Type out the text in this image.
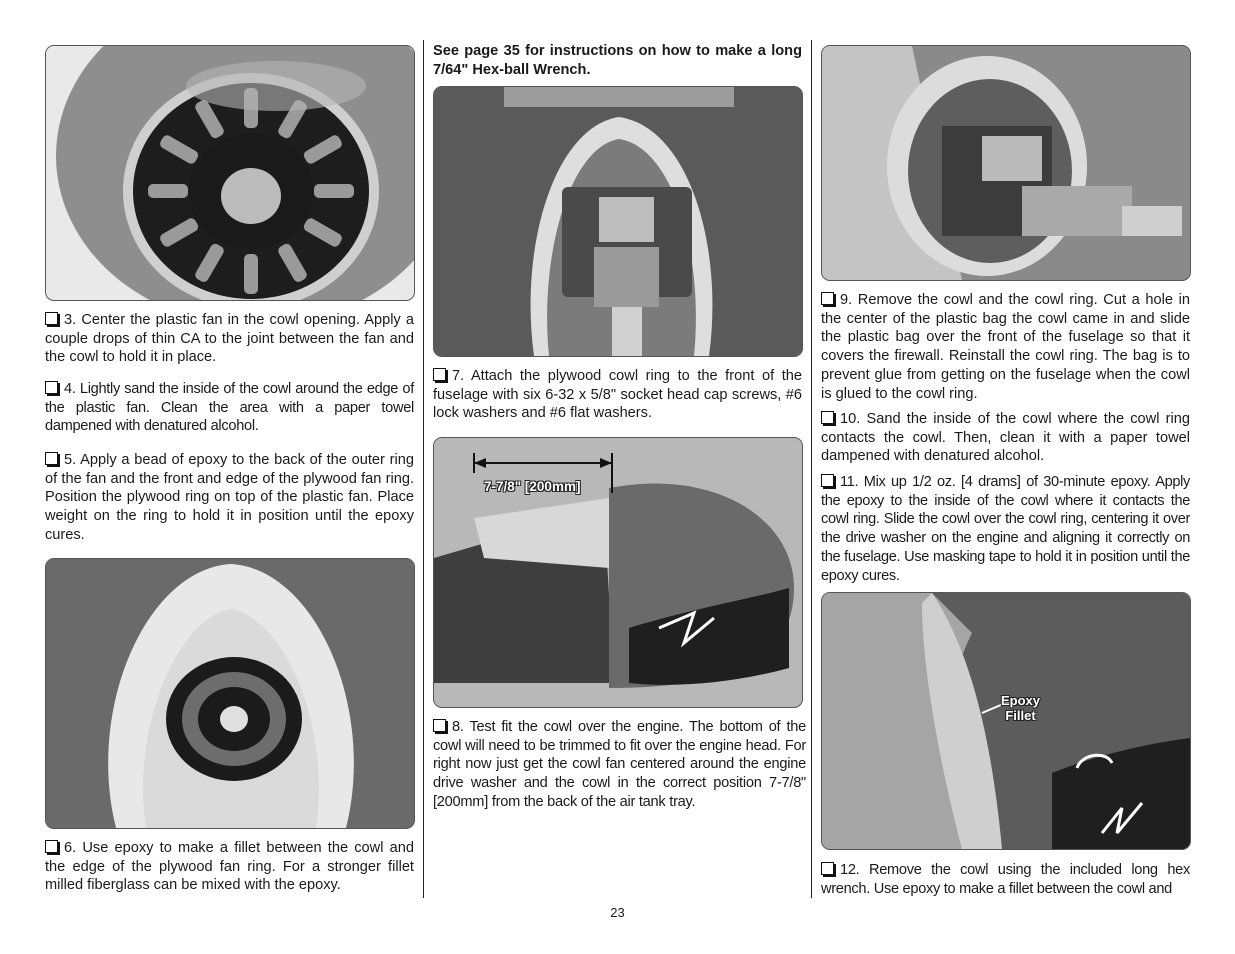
3. Center the plastic fan in the cowl opening. Apply a couple drops of thin CA to the joint between the fan and the cowl to hold it in place.

4. Lightly sand the inside of the cowl around the edge of the plastic fan. Clean the area with a paper towel dampened with denatured alcohol.

5. Apply a bead of epoxy to the back of the outer ring of the fan and the front and edge of the plywood fan ring. Position the plywood ring on top of the plastic fan. Place weight on the ring to hold it in position until the epoxy cures.

6. Use epoxy to make a fillet between the cowl and the edge of the plywood fan ring. For a stronger fillet milled fiberglass can be mixed with the epoxy.

See page 35 for instructions on how to make a long 7/64" Hex-ball Wrench.

7. Attach the plywood cowl ring to the front of the fuselage with six 6-32 x 5/8" socket head cap screws, #6 lock washers and #6 flat washers.

7-7/8" [200mm]

8. Test fit the cowl over the engine. The bottom of the cowl will need to be trimmed to fit over the engine head. For right now just get the cowl fan centered around the engine drive washer and the cowl in the correct position 7-7/8" [200mm] from the back of the air tank tray.

9. Remove the cowl and the cowl ring. Cut a hole in the center of the plastic bag the cowl came in and slide the plastic bag over the front of the fuselage so that it covers the firewall. Reinstall the cowl ring. The bag is to prevent glue from getting on the fuselage when the cowl is glued to the cowl ring.

10. Sand the inside of the cowl where the cowl ring contacts the cowl. Then, clean it with a paper towel dampened with denatured alcohol.

11. Mix up 1/2 oz. [4 drams] of 30-minute epoxy. Apply the epoxy to the inside of the cowl where it contacts the cowl ring. Slide the cowl over the cowl ring, centering it over the drive washer on the engine and aligning it correctly on the fuselage. Use masking tape to hold it in position until the epoxy cures.

Epoxy
Fillet

12. Remove the cowl using the included long hex wrench. Use epoxy to make a fillet between the cowl and

23
